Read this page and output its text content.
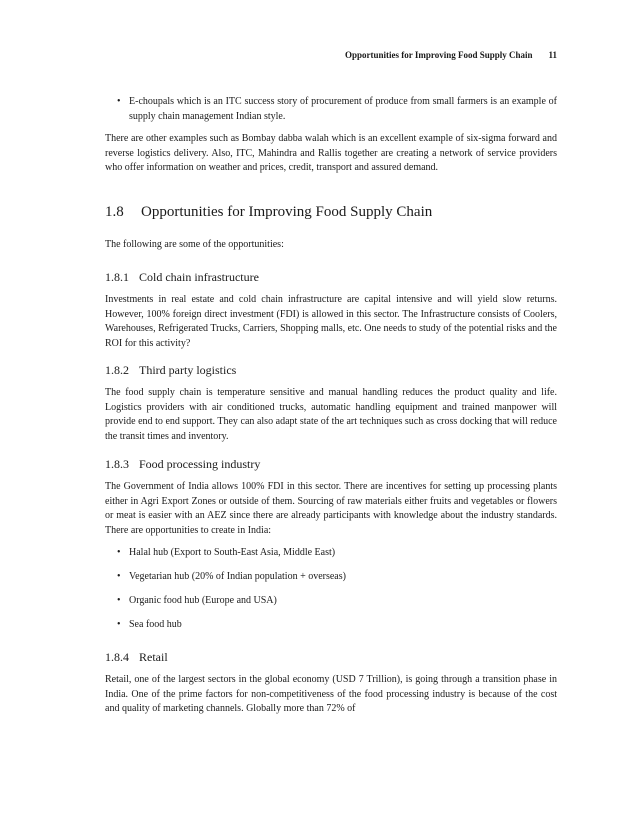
Opportunities for Improving Food Supply Chain 11
• E-choupals which is an ITC success story of procurement of produce from small farmers is an example of supply chain management Indian style.

There are other examples such as Bombay dabba walah which is an excellent example of six-sigma forward and reverse logistics delivery. Also, ITC, Mahindra and Rallis together are creating a network of service providers who offer information on weather and prices, credit, transport and assured demand.

1.8 Opportunities for Improving Food Supply Chain

The following are some of the opportunities:

1.8.1 Cold chain infrastructure

Investments in real estate and cold chain infrastructure are capital intensive and will yield slow returns. However, 100% foreign direct investment (FDI) is allowed in this sector. The Infrastructure consists of Coolers, Warehouses, Refrigerated Trucks, Carriers, Shopping malls, etc. One needs to study of the potential risks and the ROI for this activity?

1.8.2 Third party logistics

The food supply chain is temperature sensitive and manual handling reduces the product quality and life. Logistics providers with air conditioned trucks, automatic handling equipment and trained manpower will provide end to end support. They can also adapt state of the art techniques such as cross docking that will reduce the transit times and inventory.

1.8.3 Food processing industry

The Government of India allows 100% FDI in this sector. There are incentives for setting up processing plants either in Agri Export Zones or outside of them. Sourcing of raw materials either fruits and vegetables or flowers or meat is easier with an AEZ since there are already participants with knowledge about the industry standards. There are opportunities to create in India:

• Halal hub (Export to South-East Asia, Middle East)
• Vegetarian hub (20% of Indian population + overseas)
• Organic food hub (Europe and USA)
• Sea food hub
1.8.4 Retail

Retail, one of the largest sectors in the global economy (USD 7 Trillion), is going through a transition phase in India. One of the prime factors for non-competitiveness of the food processing industry is because of the cost and quality of marketing channels. Globally more than 72% of
